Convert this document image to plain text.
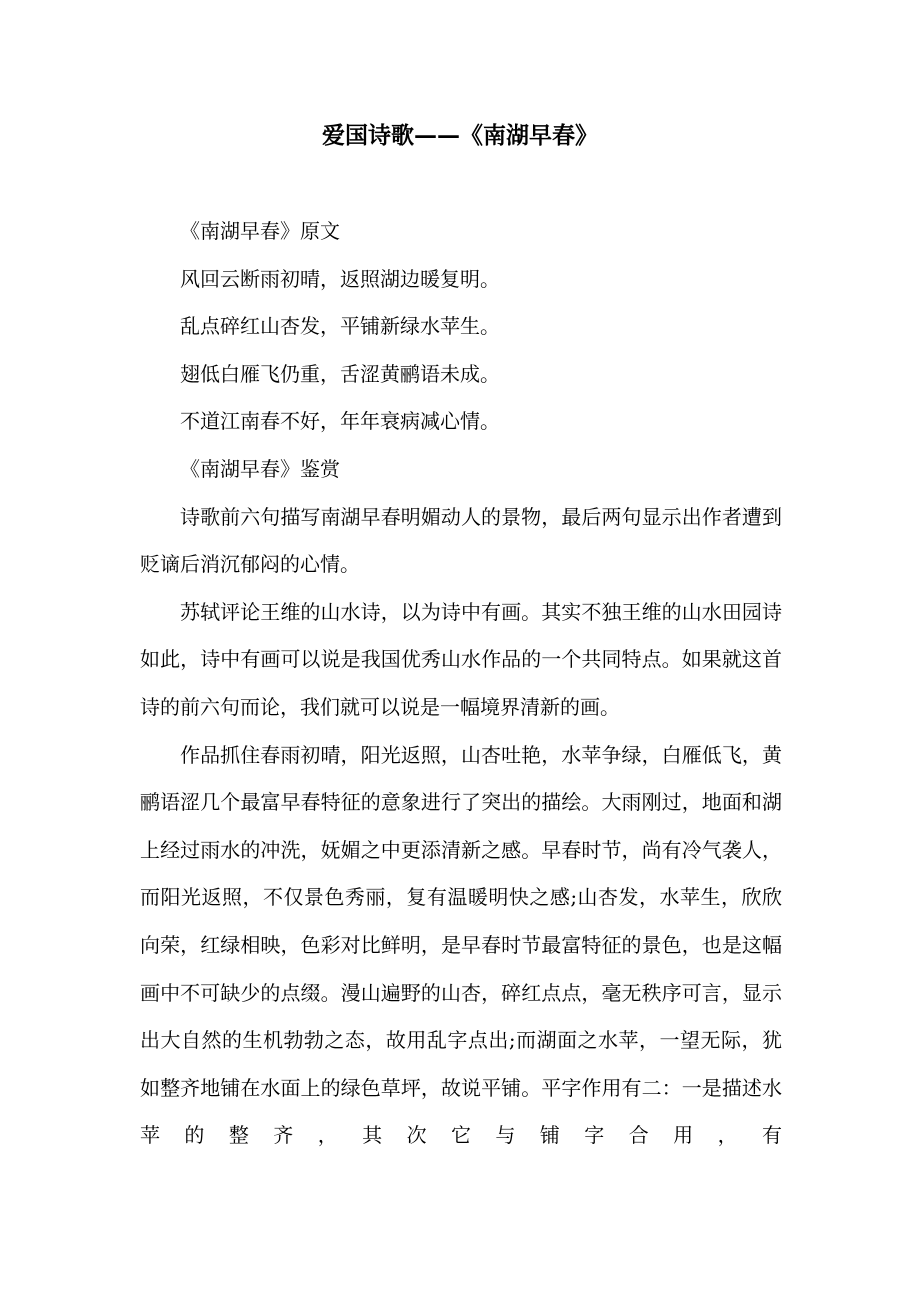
爱国诗歌——《南湖早春》

《南湖早春》原文

风回云断雨初晴，返照湖边暖复明。

乱点碎红山杏发，平铺新绿水苹生。

翅低白雁飞仍重，舌涩黄鹂语未成。

不道江南春不好，年年衰病减心情。

《南湖早春》鉴赏

诗歌前六句描写南湖早春明媚动人的景物，最后两句显示出作者遭到贬谪后消沉郁闷的心情。

苏轼评论王维的山水诗，以为诗中有画。其实不独王维的山水田园诗如此，诗中有画可以说是我国优秀山水作品的一个共同特点。如果就这首诗的前六句而论，我们就可以说是一幅境界清新的画。

作品抓住春雨初晴，阳光返照，山杏吐艳，水苹争绿，白雁低飞，黄鹂语涩几个最富早春特征的意象进行了突出的描绘。大雨刚过，地面和湖上经过雨水的冲洗，妩媚之中更添清新之感。早春时节，尚有冷气袭人，而阳光返照，不仅景色秀丽，复有温暖明快之感;山杏发，水苹生，欣欣向荣，红绿相映，色彩对比鲜明，是早春时节最富特征的景色，也是这幅画中不可缺少的点缀。漫山遍野的山杏，碎红点点，毫无秩序可言，显示出大自然的生机勃勃之态，故用乱字点出;而湖面之水苹，一望无际，犹如整齐地铺在水面上的绿色草坪，故说平铺。平字作用有二：一是描述水苹的整齐，其次它与铺字合用，有
